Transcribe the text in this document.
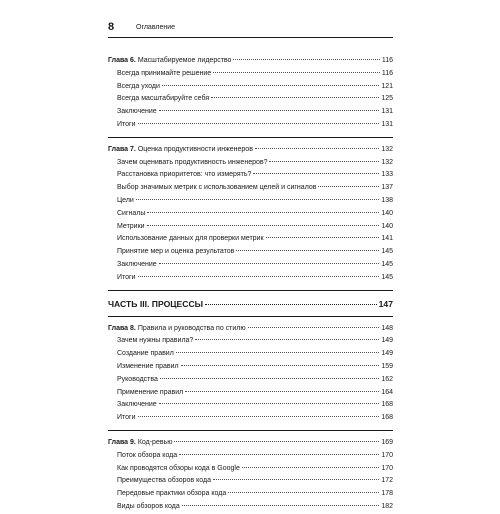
8	Оглавление
Глава 6. Масштабируемое лидерство	116
Всегда принимайте решение	116
Всегда уходи	121
Всегда масштабируйте себя	125
Заключение	131
Итоги	131
Глава 7. Оценка продуктивности инженеров	132
Зачем оценивать продуктивность инженеров?	132
Расстановка приоритетов: что измерять?	133
Выбор значимых метрик с использованием целей и сигналов	137
Цели	138
Сигналы	140
Метрики	140
Использование данных для проверки метрик	141
Принятие мер и оценка результатов	145
Заключение	145
Итоги	145
ЧАСТЬ III. ПРОЦЕССЫ	147
Глава 8. Правила и руководства по стилю	148
Зачем нужны правила?	149
Создание правил	149
Изменение правил	159
Руководства	162
Применение правил	164
Заключение	168
Итоги	168
Глава 9. Код-ревью	169
Поток обзора кода	170
Как проводятся обзоры кода в Google	170
Преимущества обзоров кода	172
Передовые практики обзора кода	178
Виды обзоров кода	182
